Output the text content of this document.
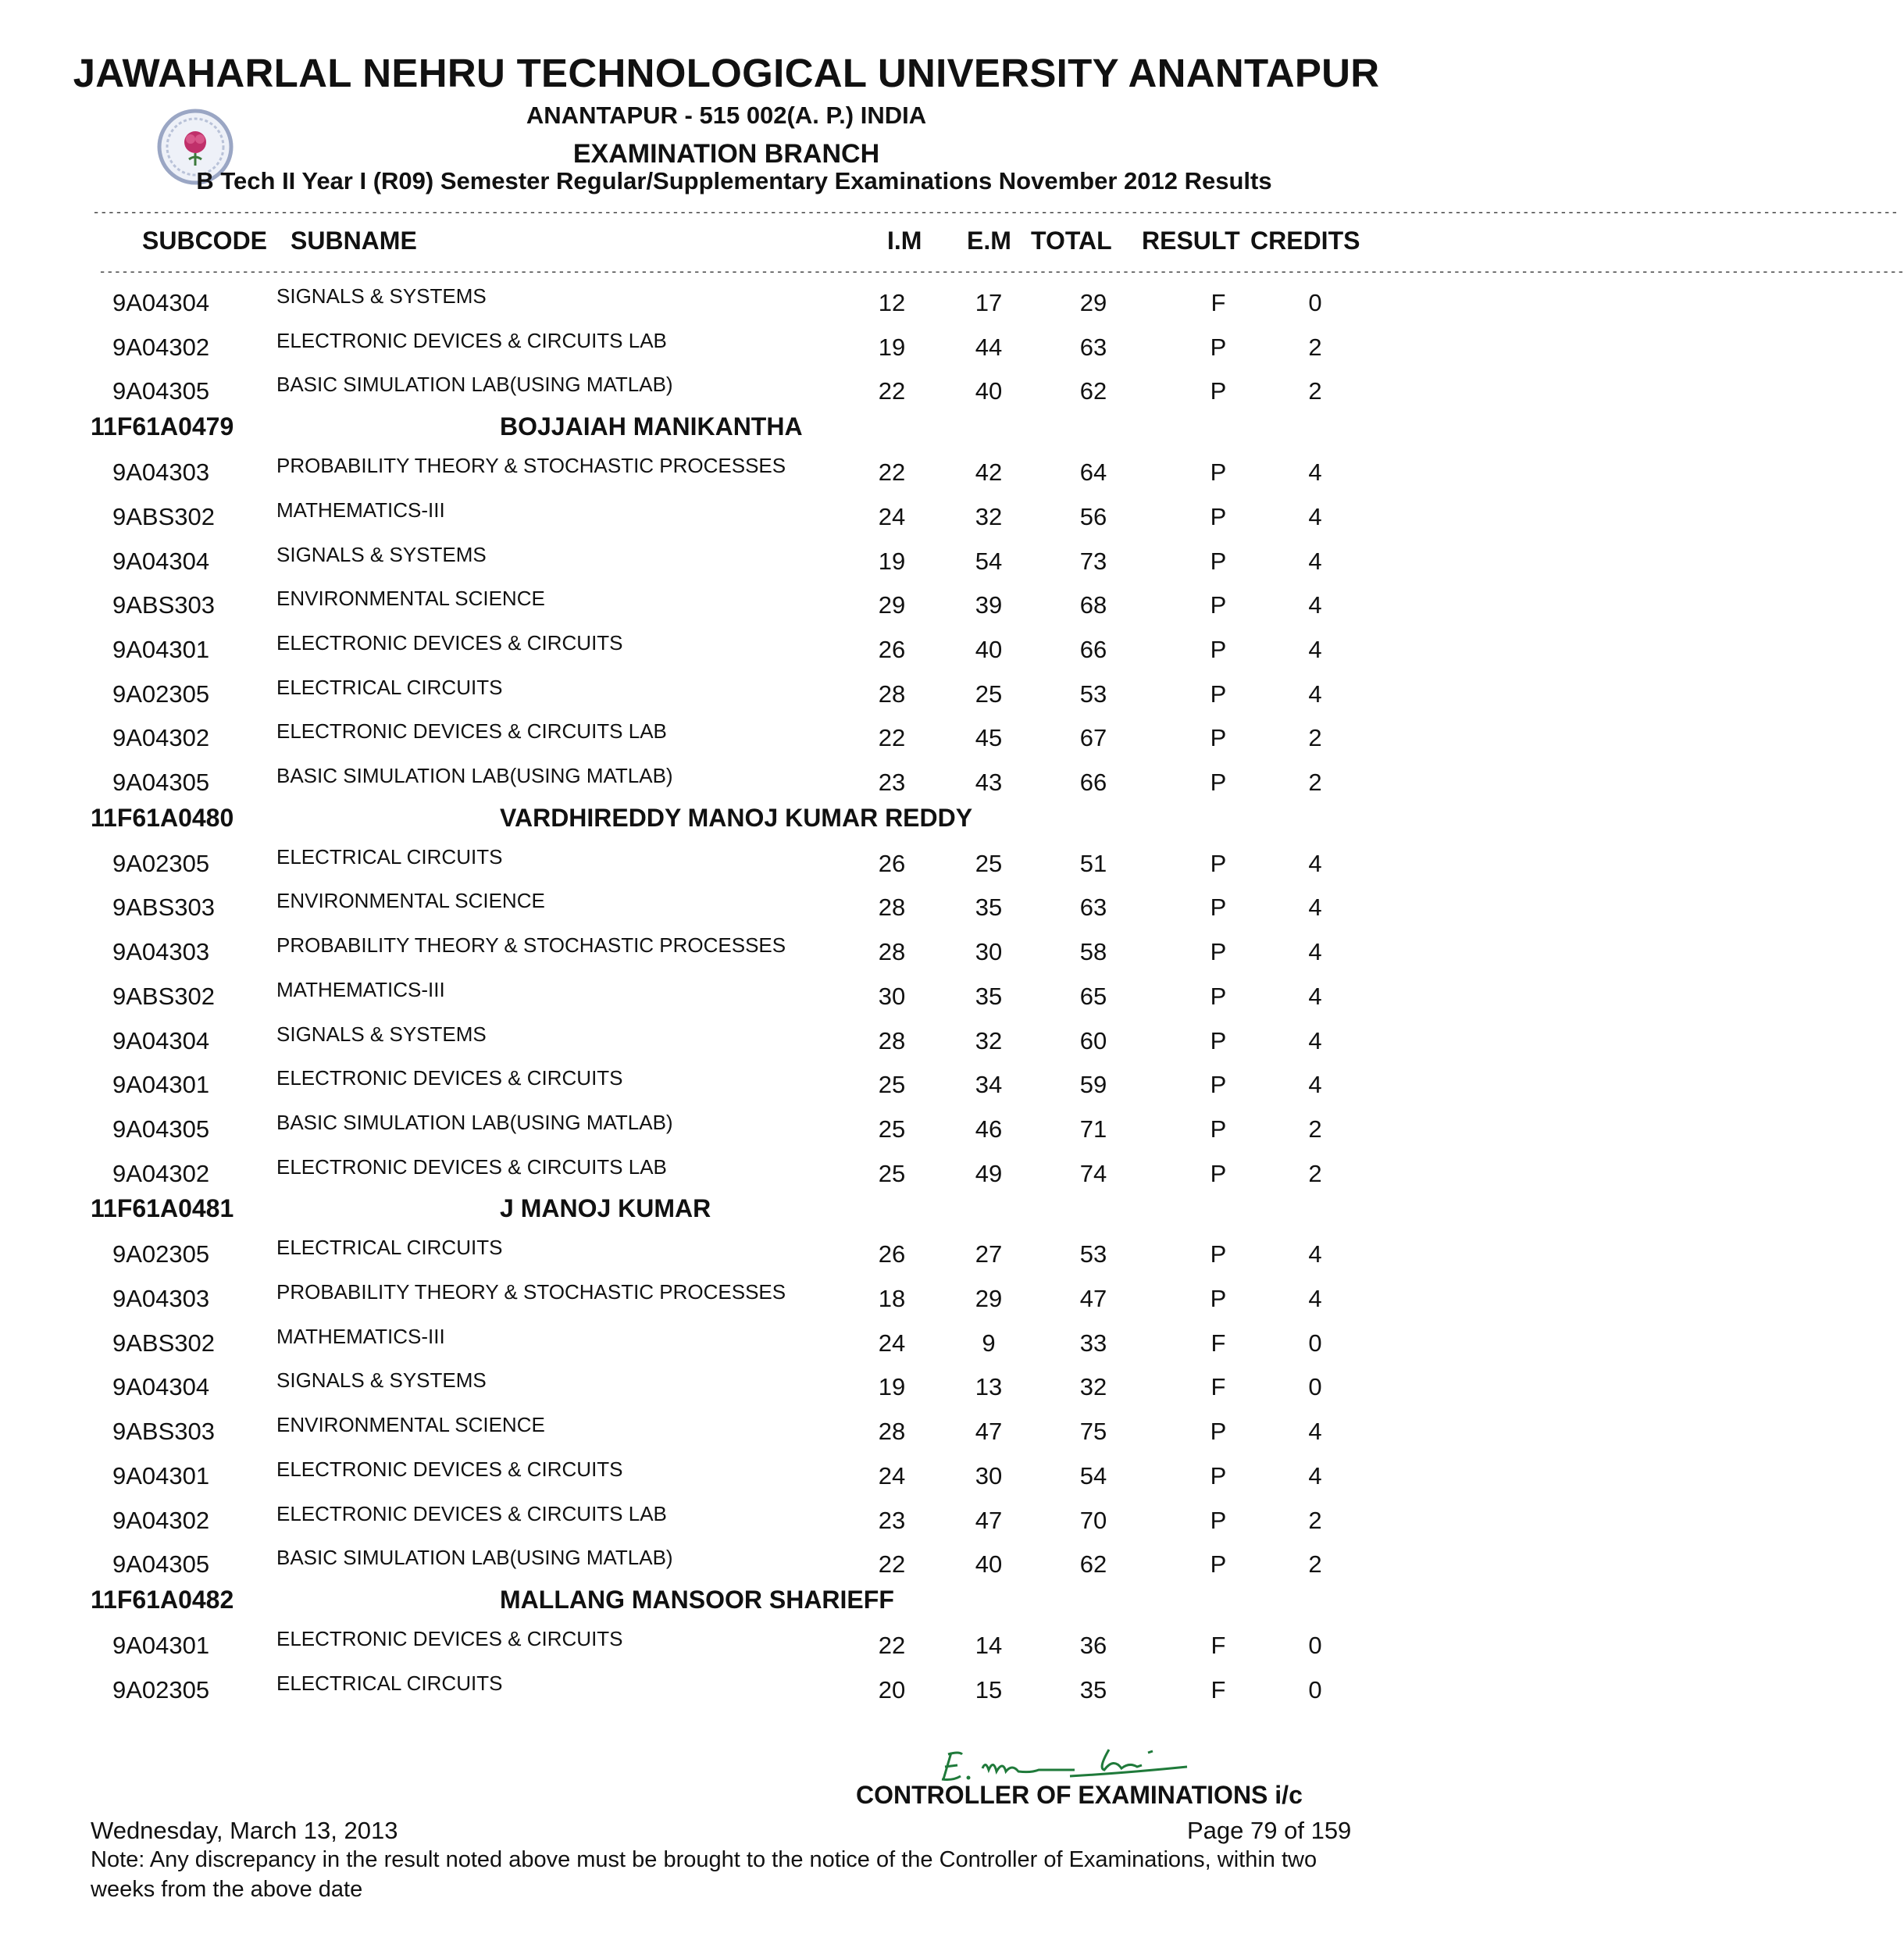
JAWAHARLAL NEHRU TECHNOLOGICAL UNIVERSITY ANANTAPUR
ANANTAPUR - 515 002(A. P.) INDIA
EXAMINATION BRANCH
B Tech II Year I (R09) Semester Regular/Supplementary Examinations November 2012 Results
------------------------------------------------------------------------------------------------------------------------------------------------------------------------------------------------------------------------------------------------
SUBCODE SUBNAME	I.M E.M TOTAL RESULT CREDITS
------------------------------------------------------------------------------------------------------------------------------------------------------------------------------------------------------------------------------------------------
9A04304	SIGNALS & SYSTEMS	12	17	29	F	0
9A04302	ELECTRONIC DEVICES & CIRCUITS LAB	19	44	63	P	2
9A04305	BASIC SIMULATION LAB(USING MATLAB)	22	40	62	P	2
11F61A0479	BOJJAIAH MANIKANTHA
9A04303	PROBABILITY THEORY & STOCHASTIC PROCESSES	22	42	64	P	4
9ABS302	MATHEMATICS-III	24	32	56	P	4
9A04304	SIGNALS & SYSTEMS	19	54	73	P	4
9ABS303	ENVIRONMENTAL SCIENCE	29	39	68	P	4
9A04301	ELECTRONIC DEVICES & CIRCUITS	26	40	66	P	4
9A02305	ELECTRICAL CIRCUITS	28	25	53	P	4
9A04302	ELECTRONIC DEVICES & CIRCUITS LAB	22	45	67	P	2
9A04305	BASIC SIMULATION LAB(USING MATLAB)	23	43	66	P	2
11F61A0480	VARDHIREDDY MANOJ KUMAR REDDY
9A02305	ELECTRICAL CIRCUITS	26	25	51	P	4
9ABS303	ENVIRONMENTAL SCIENCE	28	35	63	P	4
9A04303	PROBABILITY THEORY & STOCHASTIC PROCESSES	28	30	58	P	4
9ABS302	MATHEMATICS-III	30	35	65	P	4
9A04304	SIGNALS & SYSTEMS	28	32	60	P	4
9A04301	ELECTRONIC DEVICES & CIRCUITS	25	34	59	P	4
9A04305	BASIC SIMULATION LAB(USING MATLAB)	25	46	71	P	2
9A04302	ELECTRONIC DEVICES & CIRCUITS LAB	25	49	74	P	2
11F61A0481	J MANOJ KUMAR
9A02305	ELECTRICAL CIRCUITS	26	27	53	P	4
9A04303	PROBABILITY THEORY & STOCHASTIC PROCESSES	18	29	47	P	4
9ABS302	MATHEMATICS-III	24	9	33	F	0
9A04304	SIGNALS & SYSTEMS	19	13	32	F	0
9ABS303	ENVIRONMENTAL SCIENCE	28	47	75	P	4
9A04301	ELECTRONIC DEVICES & CIRCUITS	24	30	54	P	4
9A04302	ELECTRONIC DEVICES & CIRCUITS LAB	23	47	70	P	2
9A04305	BASIC SIMULATION LAB(USING MATLAB)	22	40	62	P	2
11F61A0482	MALLANG MANSOOR SHARIEFF
9A04301	ELECTRONIC DEVICES & CIRCUITS	22	14	36	F	0
9A02305	ELECTRICAL CIRCUITS	20	15	35	F	0
CONTROLLER OF EXAMINATIONS i/c
Wednesday, March 13, 2013	Page 79 of 159
Note: Any discrepancy in the result noted above must be brought to the notice of the Controller of Examinations, within two weeks from the above date
